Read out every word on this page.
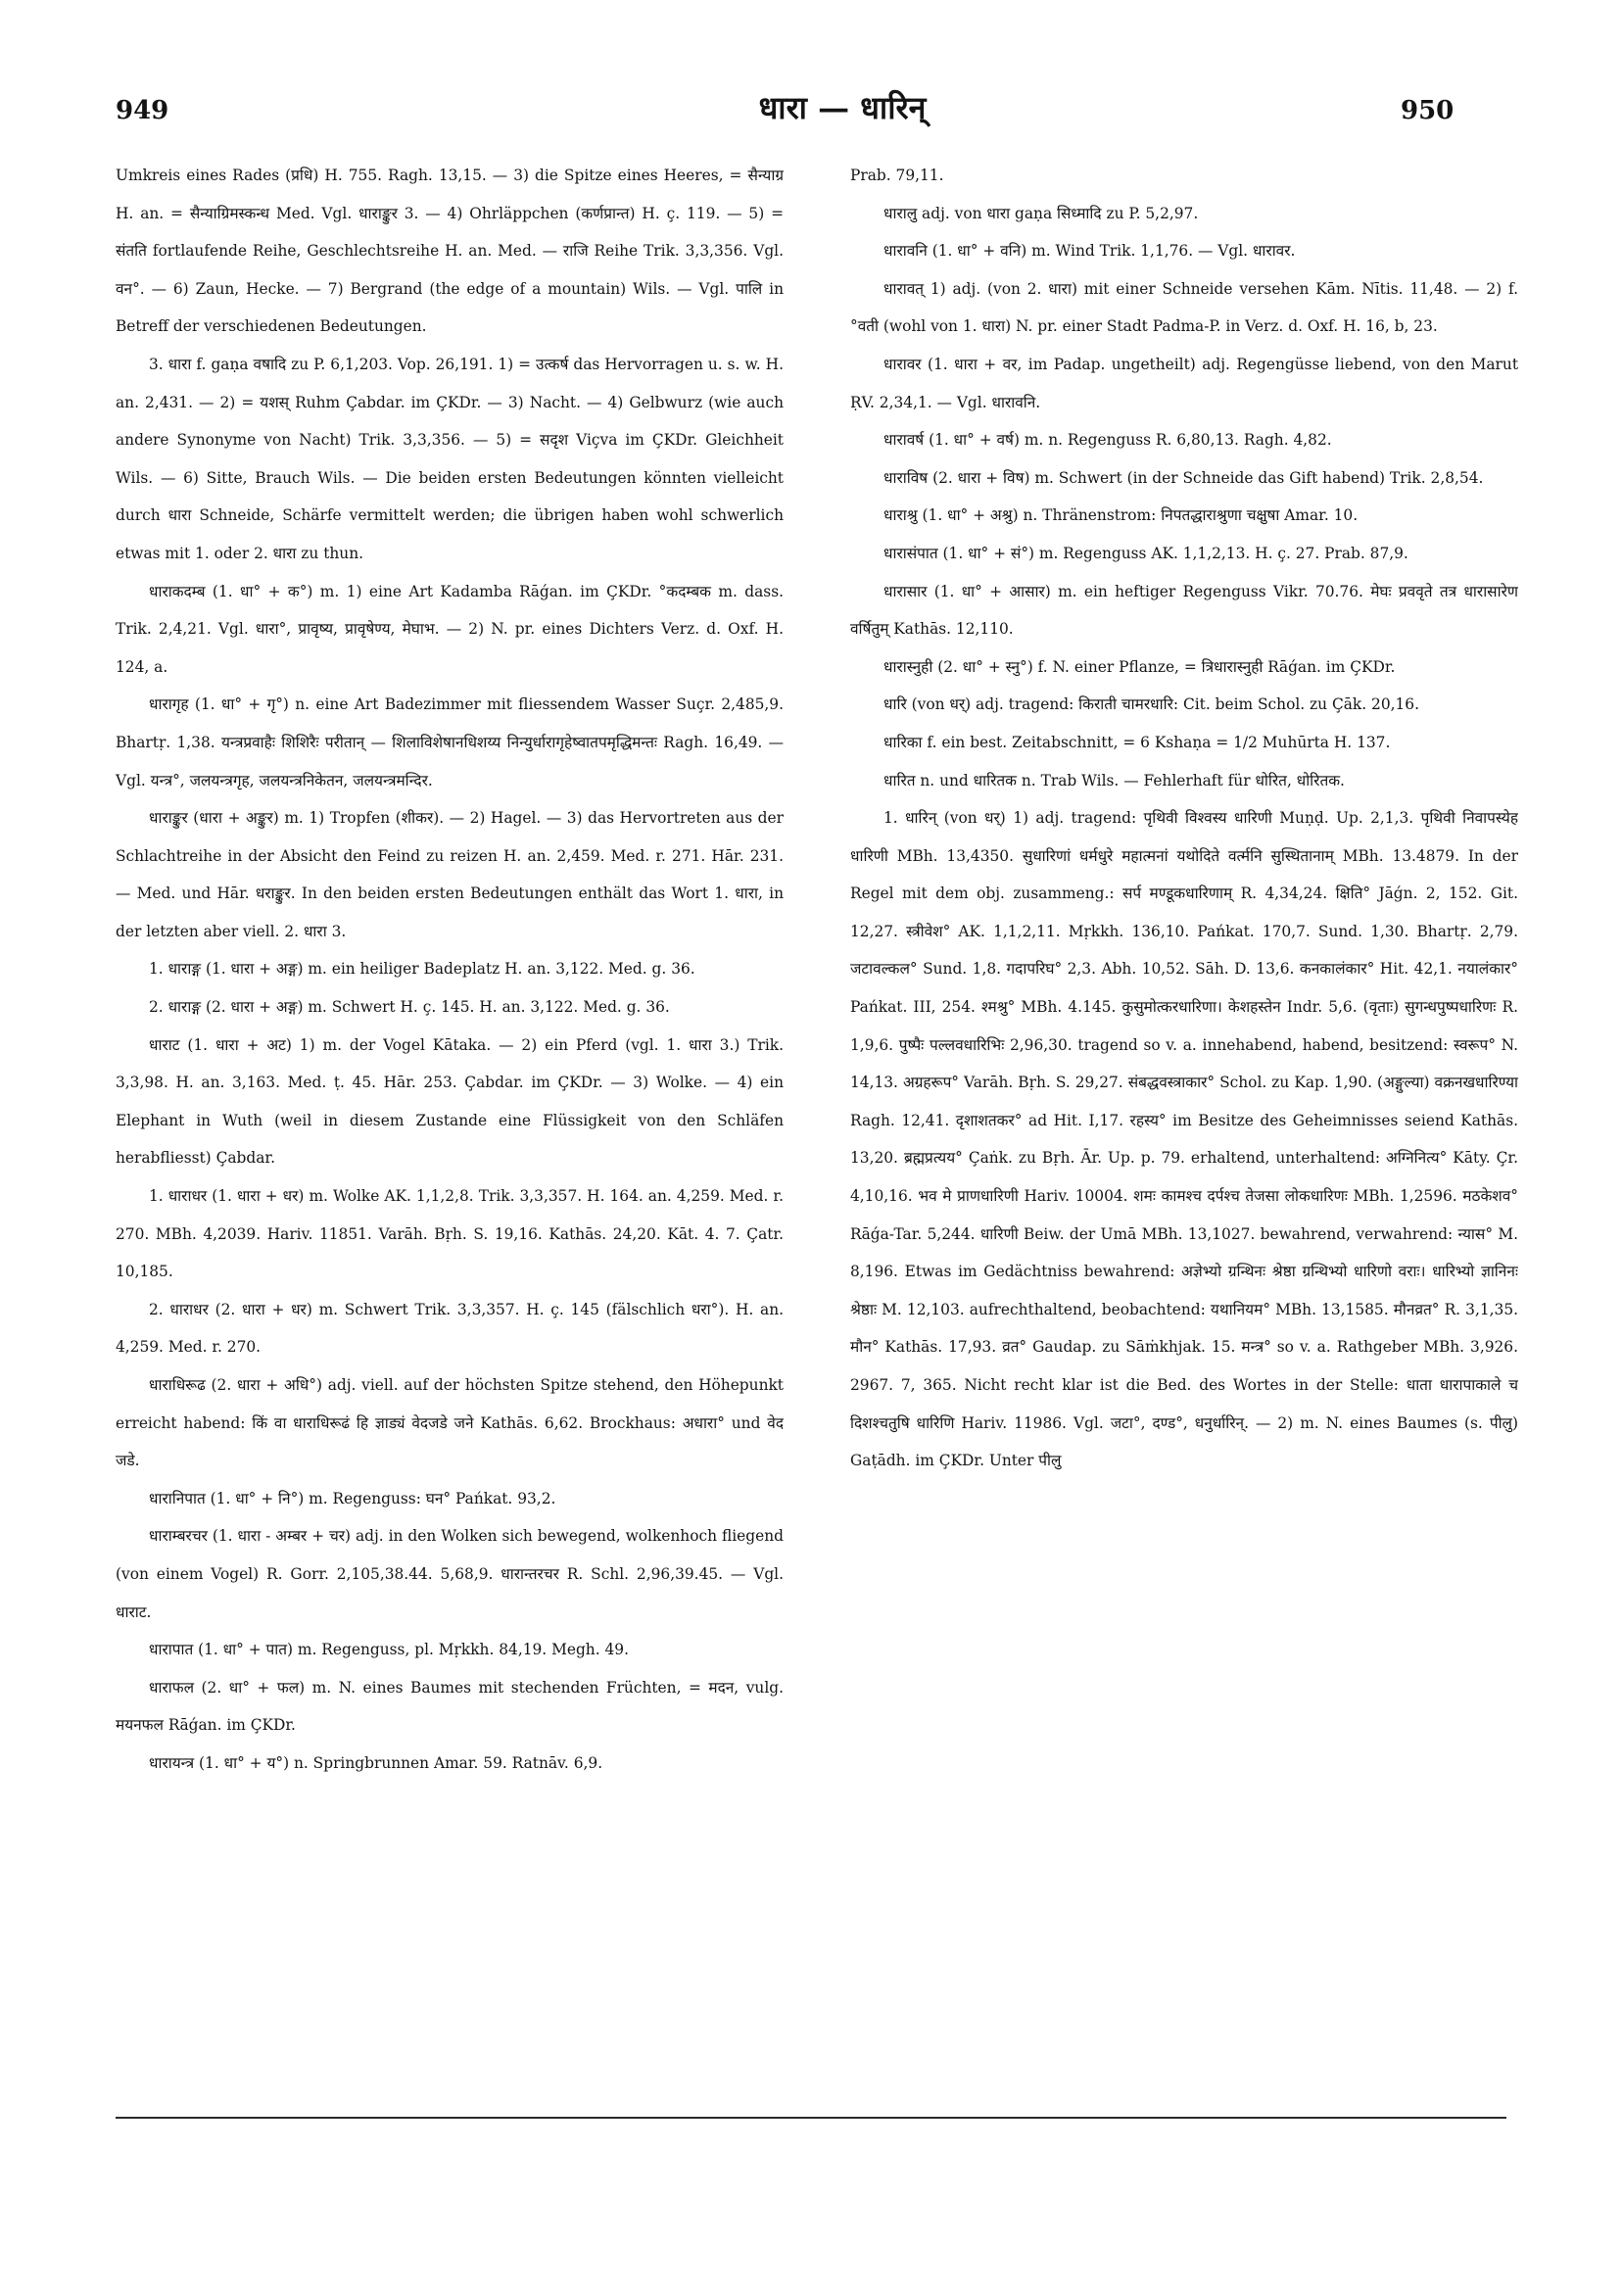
949	धारा — धारिन्	950

Umkreis eines Rades (प्रधि) H. 755. Ragh. 13,15. — 3) die Spitze eines Heeres, = सैन्याग्र H. an. = सैन्याग्रिमस्कन्ध Med. Vgl. धाराङ्कुर 3. — 4) Ohrläppchen (कर्णप्रान्त) H. ç. 119. — 5) = संतति fortlaufende Reihe, Geschlechtsreihe H. an. Med. — राजि Reihe Trik. 3,3,356. Vgl. वन°. — 6) Zaun, Hecke. — 7) Bergrand (the edge of a mountain) Wils. — Vgl. पालि in Betreff der verschiedenen Bedeutungen.

3. धारा f. gaṇa वषादि zu P. 6,1,203. Vop. 26,191. 1) = उत्कर्ष das Hervorragen u. s. w. H. an. 2,431. — 2) = यशस् Ruhm Çabdar. im ÇKDr. — 3) Nacht. — 4) Gelbwurz (wie auch andere Synonyme von Nacht) Trik. 3,3,356. — 5) = सदृश Viçva im ÇKDr. Gleichheit Wils. — 6) Sitte, Brauch Wils. — Die beiden ersten Bedeutungen könnten vielleicht durch धारा Schneide, Schärfe vermittelt werden; die übrigen haben wohl schwerlich etwas mit 1. oder 2. धारा zu thun.

धाराकदम्ब (1. धा° + क°) m. 1) eine Art Kadamba Rāǵan. im ÇKDr. °कदम्बक m. dass. Trik. 2,4,21. Vgl. धारा°, प्रावृष्य, प्रावृषेण्य, मेघाभ. — 2) N. pr. eines Dichters Verz. d. Oxf. H. 124, a.

धारागृह (1. धा° + गृ°) n. eine Art Badezimmer mit fliessendem Wasser Suçr. 2,485,9. Bhartṛ. 1,38. यन्त्रप्रवाहैः शिशिरैः परीतान् — शिलाविशेषानधिशय्य निन्युर्धारागृहेष्वातपमृद्धिमन्तः Ragh. 16,49. — Vgl. यन्त्र°, जलयन्त्रगृह, जलयन्त्रनिकेतन, जलयन्त्रमन्दिर.

धाराङ्कुर (धारा + अङ्कुर) m. 1) Tropfen (शीकर). — 2) Hagel. — 3) das Hervortreten aus der Schlachtreihe in der Absicht den Feind zu reizen H. an. 2,459. Med. r. 271. Hār. 231. — Med. und Hār. धराङ्कुर. In den beiden ersten Bedeutungen enthält das Wort 1. धारा, in der letzten aber viell. 2. धारा 3.

1. धाराङ्ग (1. धारा + अङ्ग) m. ein heiliger Badeplatz H. an. 3,122. Med. g. 36.

2. धाराङ्ग (2. धारा + अङ्ग) m. Schwert H. ç. 145. H. an. 3,122. Med. g. 36.

धाराट (1. धारा + अट) 1) m. der Vogel Kātaka. — 2) ein Pferd (vgl. 1. धारा 3.) Trik. 3,3,98. H. an. 3,163. Med. ṭ. 45. Hār. 253. Çabdar. im ÇKDr. — 3) Wolke. — 4) ein Elephant in Wuth (weil in diesem Zustande eine Flüssigkeit von den Schläfen herabfliesst) Çabdar.

1. धाराधर (1. धारा + धर) m. Wolke AK. 1,1,2,8. Trik. 3,3,357. H. 164. an. 4,259. Med. r. 270. MBh. 4,2039. Hariv. 11851. Varāh. Bṛh. S. 19,16. Kathās. 24,20. Kāt. 4. 7. Çatr. 10,185.

2. धाराधर (2. धारा + धर) m. Schwert Trik. 3,3,357. H. ç. 145 (fälschlich धरा°). H. an. 4,259. Med. r. 270.

धाराधिरूढ (2. धारा + अधि°) adj. viell. auf der höchsten Spitze stehend, den Höhepunkt erreicht habend: किं वा धाराधिरूढं हि ज्ञाड्यं वेदजडे जने Kathās. 6,62. Brockhaus: अधारा° und वेद जडे.

धारानिपात (1. धा° + नि°) m. Regenguss: घन° Pańkat. 93,2.

धाराम्बरचर (1. धारा - अम्बर + चर) adj. in den Wolken sich bewegend, wolkenhoch fliegend (von einem Vogel) R. Gorr. 2,105,38.44. 5,68,9. धारान्तरचर R. Schl. 2,96,39.45. — Vgl. धाराट.

धारापात (1. धा° + पात) m. Regenguss, pl. Mṛkkh. 84,19. Megh. 49.

धाराफल (2. धा° + फल) m. N. eines Baumes mit stechenden Früchten, = मदन, vulg. मयनफल Rāǵan. im ÇKDr.

धारायन्त्र (1. धा° + य°) n. Springbrunnen Amar. 59. Ratnāv. 6,9.

Prab. 79,11.

धारालु adj. von धारा gaṇa सिध्मादि zu P. 5,2,97.

धारावनि (1. धा° + वनि) m. Wind Trik. 1,1,76. — Vgl. धारावर.

धारावत् 1) adj. (von 2. धारा) mit einer Schneide versehen Kām. Nītis. 11,48. — 2) f. °वती (wohl von 1. धारा) N. pr. einer Stadt Padma-P. in Verz. d. Oxf. H. 16, b, 23.

धारावर (1. धारा + वर, im Padap. ungetheilt) adj. Regengüsse liebend, von den Marut ṚV. 2,34,1. — Vgl. धारावनि.

धारावर्ष (1. धा° + वर्ष) m. n. Regenguss R. 6,80,13. Ragh. 4,82.

धाराविष (2. धारा + विष) m. Schwert (in der Schneide das Gift habend) Trik. 2,8,54.

धाराश्रु (1. धा° + अश्रु) n. Thränenstrom: निपतद्धाराश्रुणा चक्षुषा Amar. 10.

धारासंपात (1. धा° + सं°) m. Regenguss AK. 1,1,2,13. H. ç. 27. Prab. 87,9.

धारासार (1. धा° + आसार) m. ein heftiger Regenguss Vikr. 70.76. मेघः प्रववृते तत्र धारासारेण वर्षितुम् Kathās. 12,110.

धारास्नुही (2. धा° + स्नु°) f. N. einer Pflanze, = त्रिधारास्नुही Rāǵan. im ÇKDr.

धारि (von धर्) adj. tragend: किराती चामरधारि: Cit. beim Schol. zu Çāk. 20,16.

धारिका f. ein best. Zeitabschnitt, = 6 Kshaṇa = 1/2 Muhūrta H. 137.

धारित n. und धारितक n. Trab Wils. — Fehlerhaft für धोरित, धोरितक.

1. धारिन् (von धर्) 1) adj. tragend: पृथिवी विश्वस्य धारिणी Muṇḍ. Up. 2,1,3. पृथिवी निवापस्येह धारिणी MBh. 13,4350. सुधारिणां धर्मधुरे महात्मनां यथोदिते वर्त्मनि सुस्थितानाम् MBh. 13.4879. In der Regel mit dem obj. zusammeng.: सर्प मण्डूकधारिणाम् R. 4,34,24. क्षिति° Jāǵn. 2, 152. Git. 12,27. स्त्रीवेश° AK. 1,1,2,11. Mṛkkh. 136,10. Pańkat. 170,7. Sund. 1,30. Bhartṛ. 2,79. जटावल्कल° Sund. 1,8. गदापरिघ° 2,3. Abh. 10,52. Sāh. D. 13,6. कनकालंकार° Hit. 42,1. नयालंकार° Pańkat. III, 254. श्मश्रु° MBh. 4.145. कुसुमोत्करधारिणा। केशहस्तेन Indr. 5,6. (वृताः) सुगन्धपुष्पधारिणः R. 1,9,6. पुष्पैः पल्लवधारिभिः 2,96,30. tragend so v. a. innehabend, habend, besitzend: स्वरूप° N. 14,13. अग्रहरूप° Varāh. Bṛh. S. 29,27. संबद्धवस्त्राकार° Schol. zu Kap. 1,90. (अङ्गुल्या) वक्रनखधारिण्या Ragh. 12,41. दृशाशतकर° ad Hit. I,17. रहस्य° im Besitze des Geheimnisses seiend Kathās. 13,20. ब्रह्मप्रत्यय° Çaṅk. zu Bṛh. Ār. Up. p. 79. erhaltend, unterhaltend: अग्निनित्य° Kāty. Çr. 4,10,16. भव मे प्राणधारिणी Hariv. 10004. शमः कामश्च दर्पश्च तेजसा लोकधारिणः MBh. 1,2596. मठकेशव° Rāǵa-Tar. 5,244. धारिणी Beiw. der Umā MBh. 13,1027. bewahrend, verwahrend: न्यास° M. 8,196. Etwas im Gedächtniss bewahrend: अज्ञेभ्यो ग्रन्थिनः श्रेष्ठा ग्रन्थिभ्यो धारिणो वराः। धारिभ्यो ज्ञानिनः श्रेष्ठाः M. 12,103. aufrechthaltend, beobachtend: यथानियम° MBh. 13,1585. मौनव्रत° R. 3,1,35. मौन° Kathās. 17,93. व्रत° Gaudap. zu Sāṁkhjak. 15. मन्त्र° so v. a. Rathgeber MBh. 3,926. 2967. 7, 365. Nicht recht klar ist die Bed. des Wortes in der Stelle: धाता धारापाकाले च दिशश्चतुषि धारिणि Hariv. 11986. Vgl. जटा°, दण्ड°, धनुर्धारिन्. — 2) m. N. eines Baumes (s. पीलु) Gaṭādh. im ÇKDr. Unter पीलु
